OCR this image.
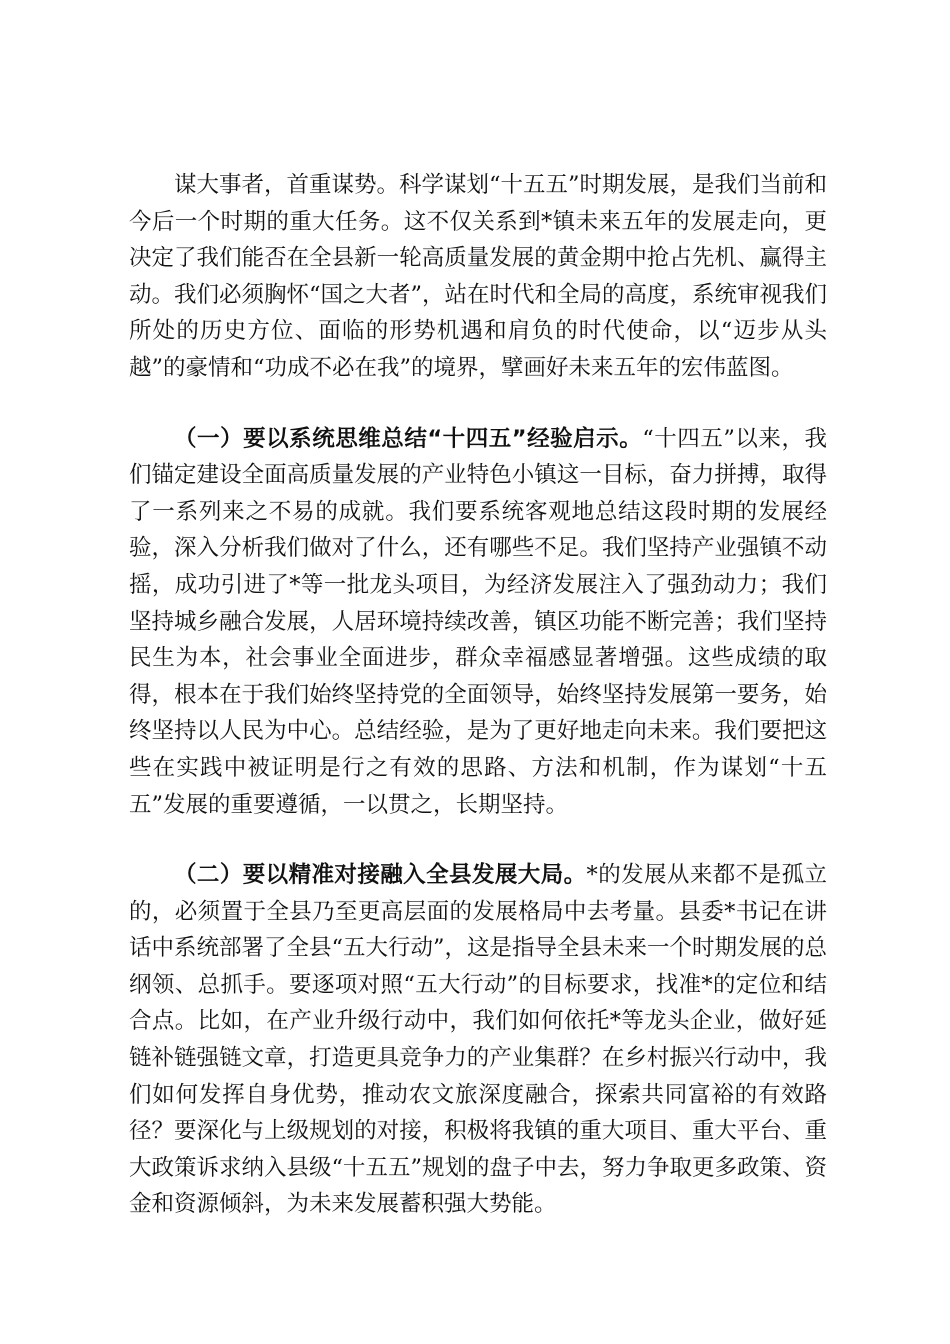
谋大事者，首重谋势。科学谋划“十五五”时期发展，是我们当前和今后一个时期的重大任务。这不仅关系到*镇未来五年的发展走向，更决定了我们能否在全县新一轮高质量发展的黄金期中抢占先机、赢得主动。我们必须胸怀“国之大者”，站在时代和全局的高度，系统审视我们所处的历史方位、面临的形势机遇和肩负的时代使命，以“迈步从头越”的豪情和“功成不必在我”的境界，擘画好未来五年的宏伟蓝图。

（一）要以系统思维总结“十四五”经验启示。“十四五”以来，我们锚定建设全面高质量发展的产业特色小镇这一目标，奋力拼搏，取得了一系列来之不易的成就。我们要系统客观地总结这段时期的发展经验，深入分析我们做对了什么，还有哪些不足。我们坚持产业强镇不动摇，成功引进了*等一批龙头项目，为经济发展注入了强劲动力；我们坚持城乡融合发展，人居环境持续改善，镇区功能不断完善；我们坚持民生为本，社会事业全面进步，群众幸福感显著增强。这些成绩的取得，根本在于我们始终坚持党的全面领导，始终坚持发展第一要务，始终坚持以人民为中心。总结经验，是为了更好地走向未来。我们要把这些在实践中被证明是行之有效的思路、方法和机制，作为谋划“十五五”发展的重要遵循，一以贯之，长期坚持。

（二）要以精准对接融入全县发展大局。*的发展从来都不是孤立的，必须置于全县乃至更高层面的发展格局中去考量。县委*书记在讲话中系统部署了全县“五大行动”，这是指导全县未来一个时期发展的总纲领、总抓手。要逐项对照“五大行动”的目标要求，找准*的定位和结合点。比如，在产业升级行动中，我们如何依托*等龙头企业，做好延链补链强链文章，打造更具竞争力的产业集群？在乡村振兴行动中，我们如何发挥自身优势，推动农文旅深度融合，探索共同富裕的有效路径？要深化与上级规划的对接，积极将我镇的重大项目、重大平台、重大政策诉求纳入县级“十五五”规划的盘子中去，努力争取更多政策、资金和资源倾斜，为未来发展蓄积强大势能。
